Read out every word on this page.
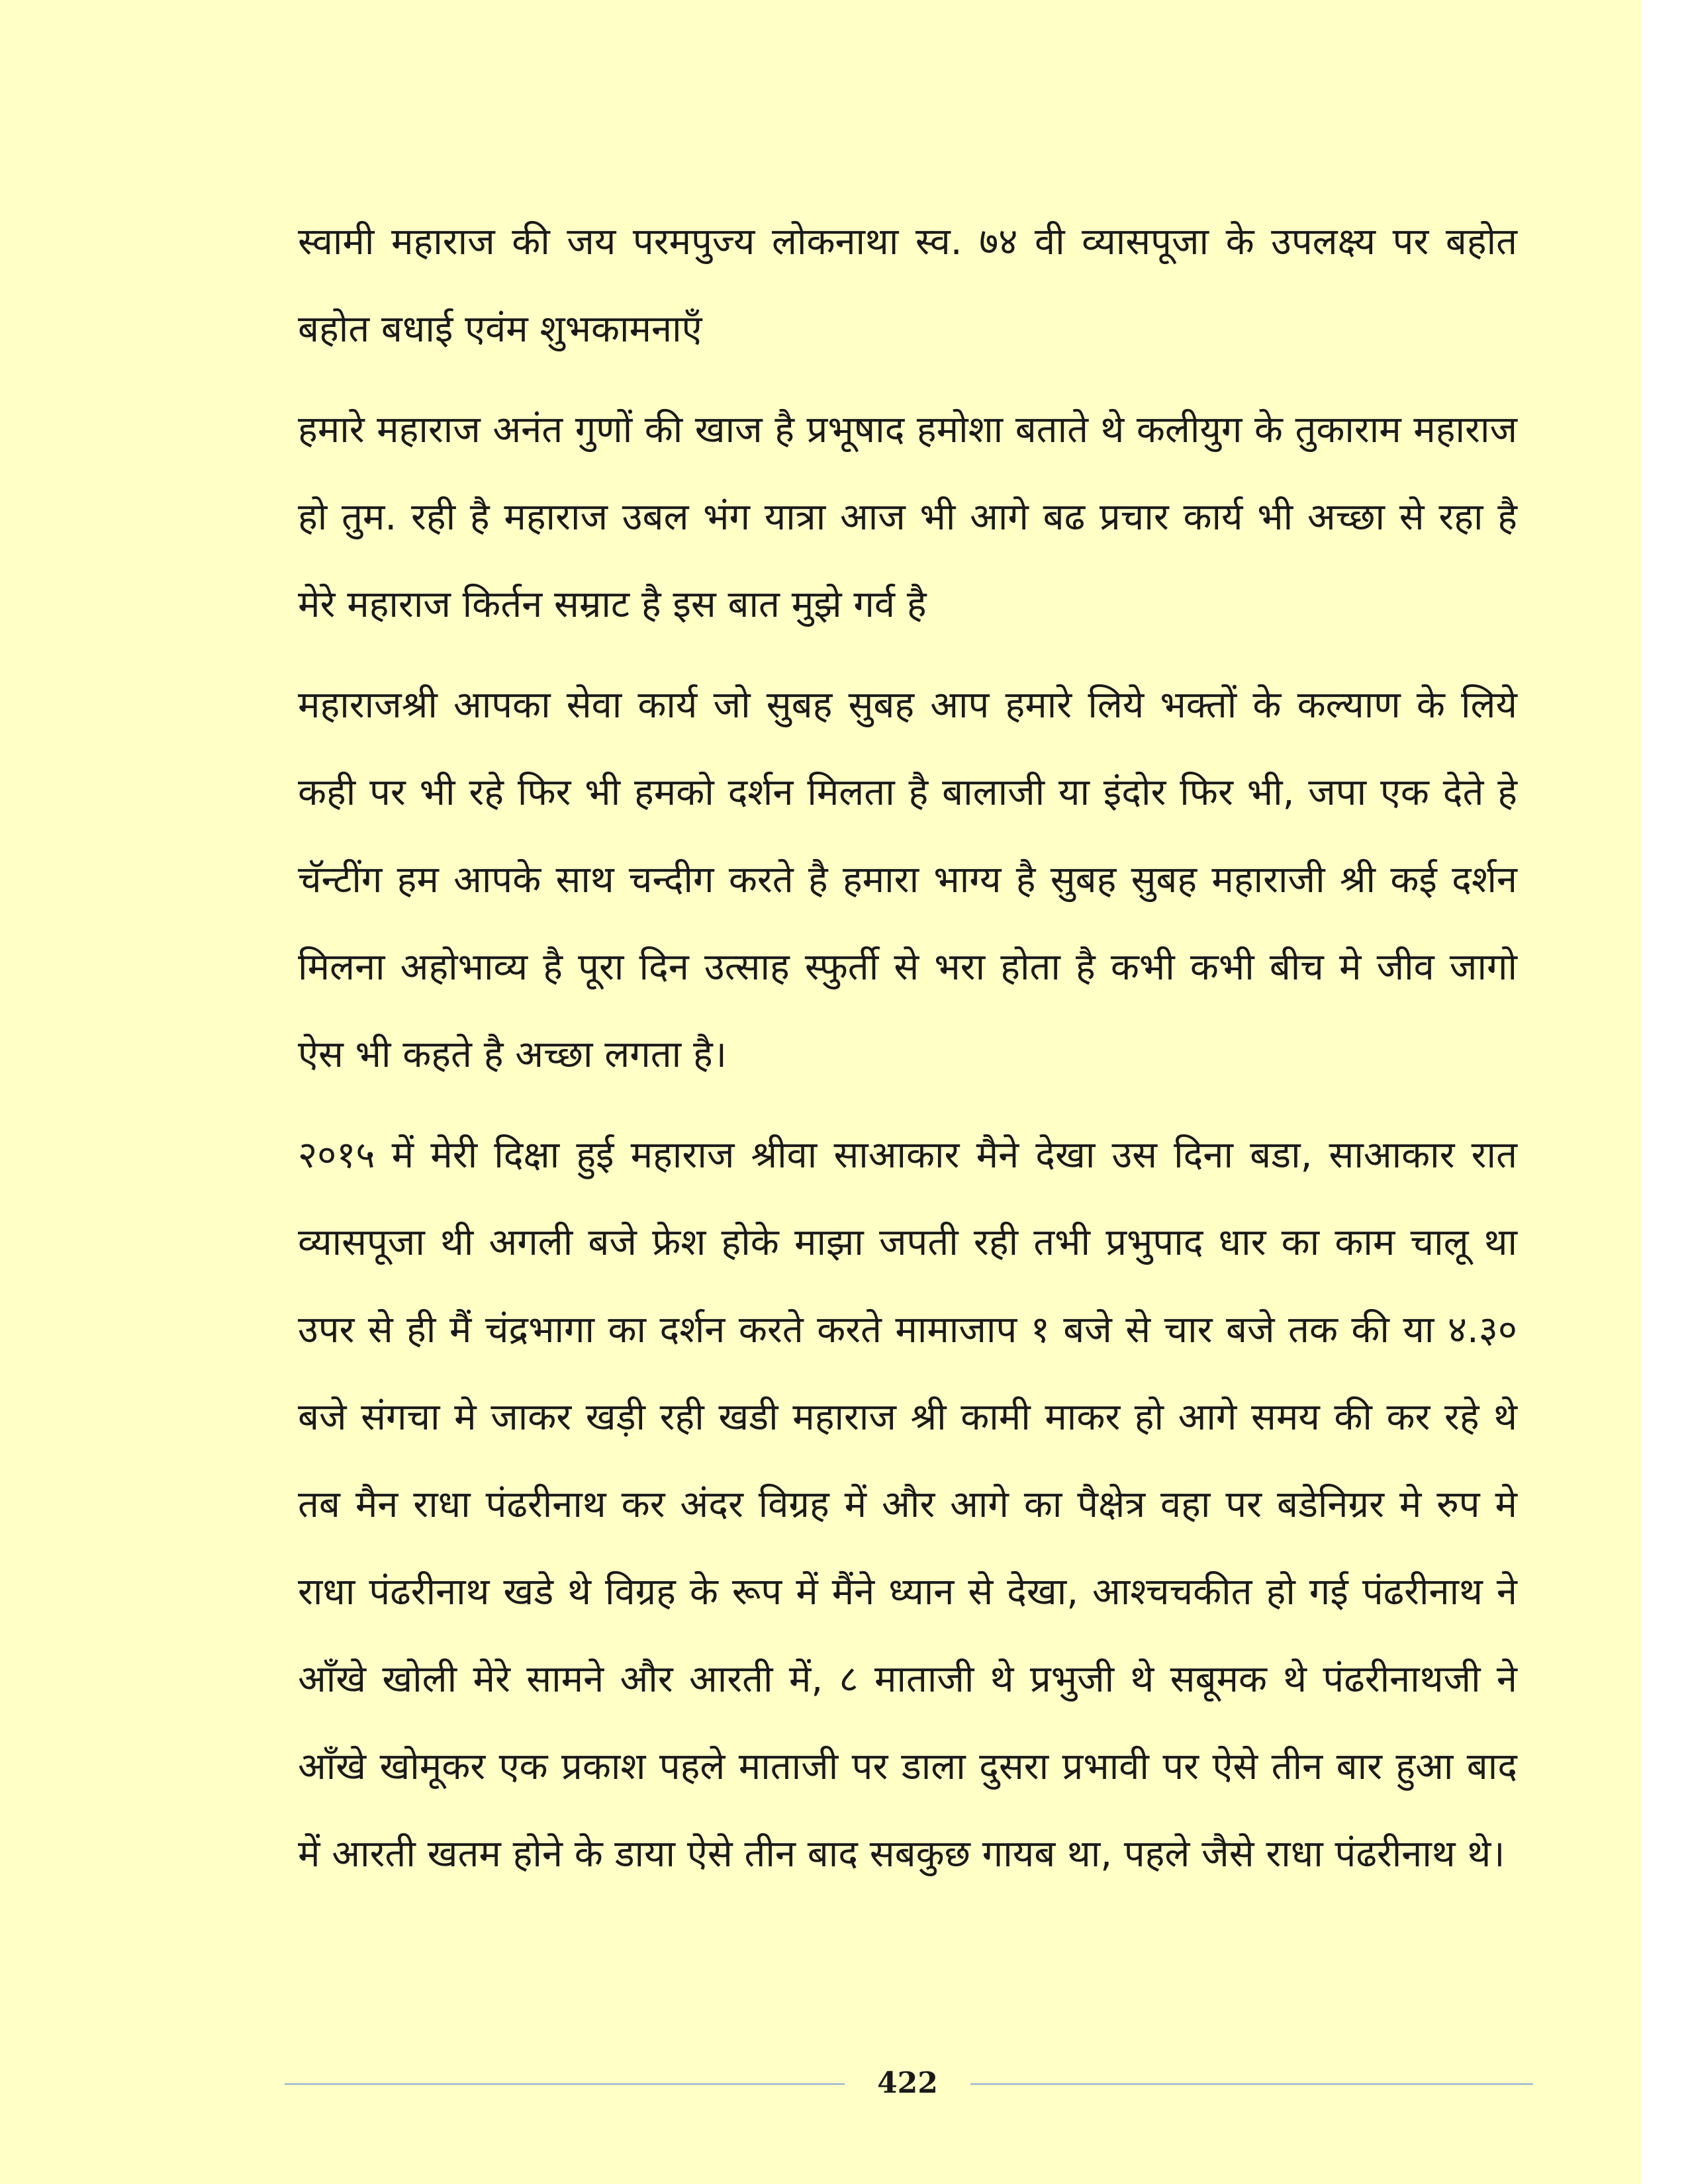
स्वामी महाराज की जय परमपुज्य लोकनाथा स्व. ७४ वी व्यासपूजा के उपलक्ष्य पर बहोत बहोत बधाई एवंम शुभकामनाएँ

हमारे महाराज अनंत गुणों की खाज है प्रभूषाद हमोशा बताते थे कलीयुग के तुकाराम महाराज हो तुम. रही है महाराज उबल भंग यात्रा आज भी आगे बढ प्रचार कार्य भी अच्छा से रहा है मेरे महाराज किर्तन सम्राट है इस बात मुझे गर्व है

महाराजश्री आपका सेवा कार्य जो सुबह सुबह आप हमारे लिये भक्तों के कल्याण के लिये कही पर भी रहे फिर भी हमको दर्शन मिलता है बालाजी या इंदोर फिर भी, जपा एक देते हे चॅन्टींग हम आपके साथ चन्दीग करते है हमारा भाग्य है सुबह सुबह महाराजी श्री कई दर्शन मिलना अहोभाव्य है पूरा दिन उत्साह स्फुर्ती से भरा होता है कभी कभी बीच मे जीव जागो ऐस भी कहते है अच्छा लगता है।

२०१५ में मेरी दिक्षा हुई महाराज श्रीवा साआकार मैने देखा उस दिना बडा, साआकार रात व्यासपूजा थी अगली बजे फ्रेश होके माझा जपती रही तभी प्रभुपाद धार का काम चालू था उपर से ही मैं चंद्रभागा का दर्शन करते करते मामाजाप १ बजे से चार बजे तक की या ४.३० बजे संगचा मे जाकर खड़ी रही खडी महाराज श्री कामी माकर हो आगे समय की कर रहे थे तब मैन राधा पंढरीनाथ कर अंदर विग्रह में और आगे का पैक्षेत्र वहा पर बडेनिग्रर मे रुप मे राधा पंढरीनाथ खडे थे विग्रह के रूप में मैंने ध्यान से देखा, आश्चचकीत हो गई पंढरीनाथ ने आँखे खोली मेरे सामने और आरती में, ८ माताजी थे प्रभुजी थे सबूमक थे पंढरीनाथजी ने आँखे खोमूकर एक प्रकाश पहले माताजी पर डाला दुसरा प्रभावी पर ऐसे तीन बार हुआ बाद में आरती खतम होने के डाया ऐसे तीन बाद सबकुछ गायब था, पहले जैसे राधा पंढरीनाथ थे।

422
